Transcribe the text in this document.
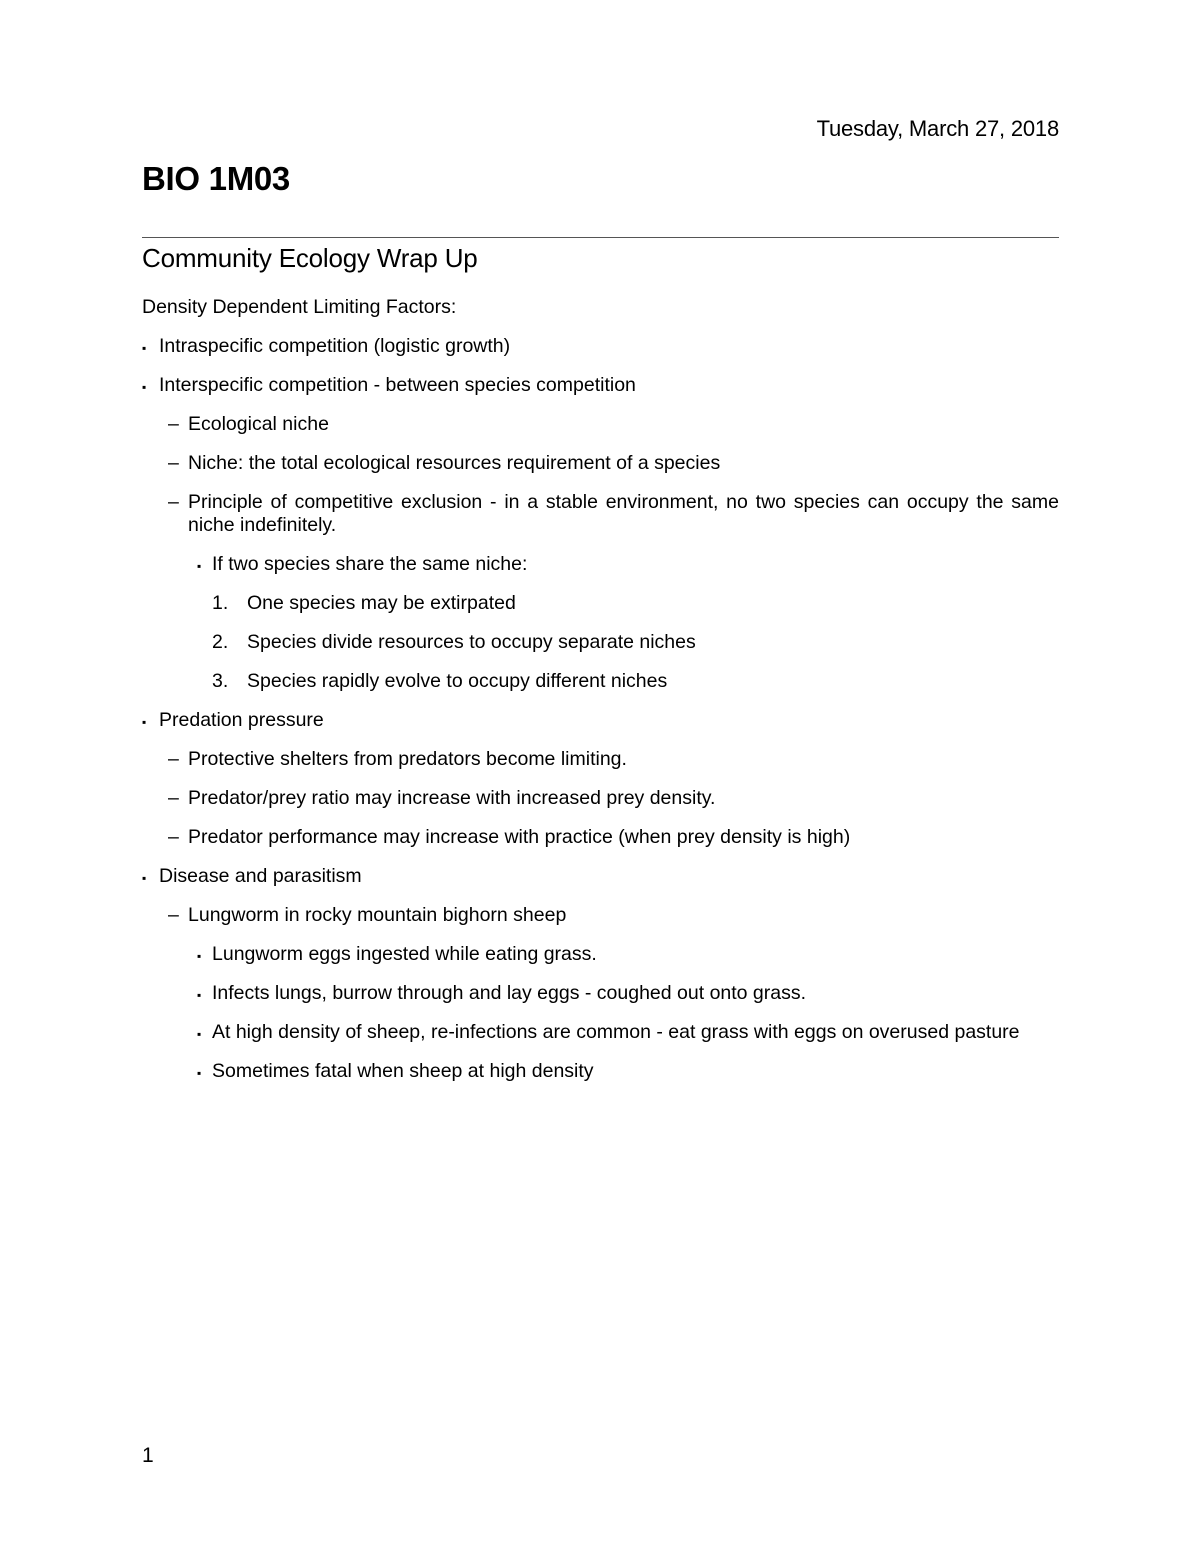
Tuesday, March 27, 2018
BIO 1M03
Community Ecology Wrap Up
Density Dependent Limiting Factors:
▪ Intraspecific competition (logistic growth)
▪ Interspecific competition - between species competition
– Ecological niche
– Niche: the total ecological resources requirement of a species
– Principle of competitive exclusion - in a stable environment, no two species can occupy the same niche indefinitely.
▪ If two species share the same niche:
1. One species may be extirpated
2. Species divide resources to occupy separate niches
3. Species rapidly evolve to occupy different niches
▪ Predation pressure
– Protective shelters from predators become limiting.
– Predator/prey ratio may increase with increased prey density.
– Predator performance may increase with practice (when prey density is high)
▪ Disease and parasitism
– Lungworm in rocky mountain bighorn sheep
▪ Lungworm eggs ingested while eating grass.
▪ Infects lungs, burrow through and lay eggs - coughed out onto grass.
▪ At high density of sheep, re-infections are common - eat grass with eggs on overused pasture
▪ Sometimes fatal when sheep at high density
1
